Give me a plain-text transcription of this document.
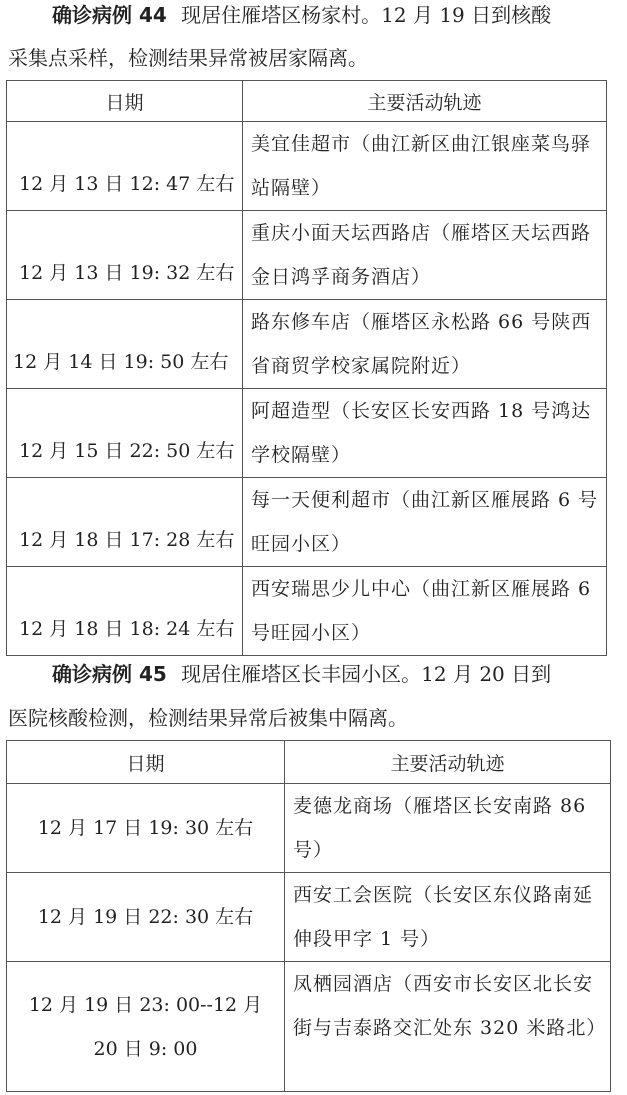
确诊病例 44 现居住雁塔区杨家村。12 月 19 日到核酸
采集点采样，检测结果异常被居家隔离。
日期	主要活动轨迹

12 月 13 日 12: 47 左右	美宜佳超市（曲江新区曲江银座菜鸟驿站隔壁）

12 月 13 日 19: 32 左右	重庆小面天坛西路店（雁塔区天坛西路金日鸿孚商务酒店）

12 月 14 日 19: 50 左右	路东修车店（雁塔区永松路 66 号陕西省商贸学校家属院附近）

12 月 15 日 22: 50 左右	阿超造型（长安区长安西路 18 号鸿达学校隔壁）

12 月 18 日 17: 28 左右	每一天便利超市（曲江新区雁展路 6 号旺园小区）

12 月 18 日 18: 24 左右	西安瑞思少儿中心（曲江新区雁展路 6 号旺园小区）
确诊病例 45 现居住雁塔区长丰园小区。12 月 20 日到
医院核酸检测，检测结果异常后被集中隔离。
日期	主要活动轨迹
12 月 17 日 19: 30 左右	麦德龙商场（雁塔区长安南路 86 号）
12 月 19 日 22: 30 左右	西安工会医院（长安区东仪路南延伸段甲字 1 号）
12 月 19 日 23: 00--12 月 20 日 9: 00	凤栖园酒店（西安市长安区北长安街与吉泰路交汇处东 320 米路北）
